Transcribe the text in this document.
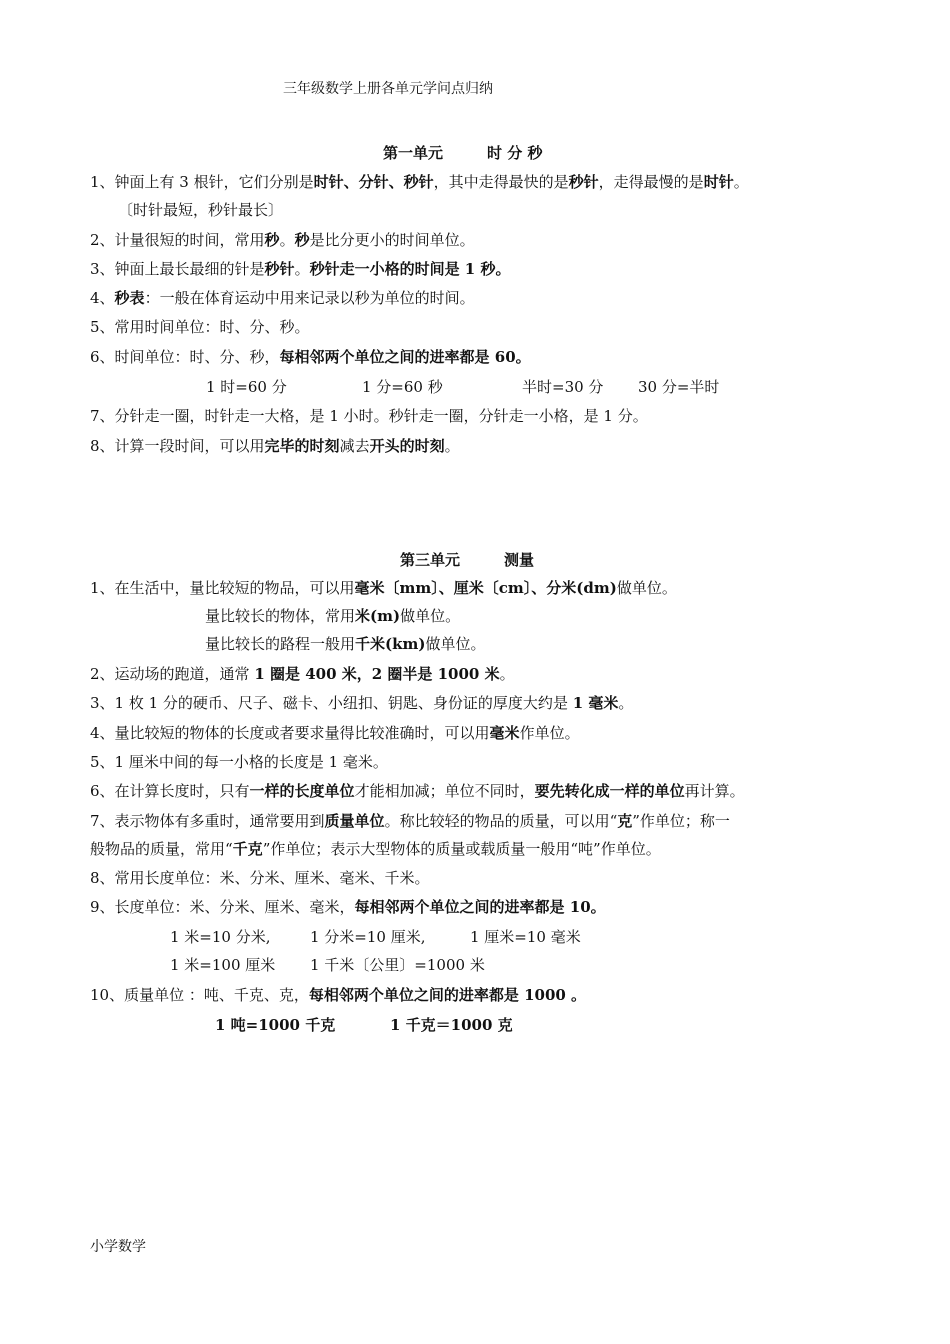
三年级数学上册各单元学问点归纳
第一单元	时 分 秒
1、钟面上有 3 根针，它们分别是时针、分针、秒针，其中走得最快的是秒针，走得最慢的是时针。
〔时针最短，秒针最长〕
2、计量很短的时间，常用秒。秒是比分更小的时间单位。
3、钟面上最长最细的针是秒针。秒针走一小格的时间是 1 秒。
4、秒表：一般在体育运动中用来记录以秒为单位的时间。
5、常用时间单位：时、分、秒。
6、时间单位：时、分、秒，每相邻两个单位之间的进率都是 60。
1 时=60 分	1 分=60 秒	半时=30 分 30 分=半时
7、分针走一圈，时针走一大格，是 1 小时。秒针走一圈，分针走一小格，是 1 分。
8、计算一段时间，可以用完毕的时刻减去开头的时刻。
第三单元	测量
1、在生活中，量比较短的物品，可以用毫米〔mm〕、厘米〔cm〕、分米(dm)做单位。
量比较长的物体，常用米(m)做单位。
量比较长的路程一般用千米(km)做单位。
2、运动场的跑道，通常 1 圈是 400 米，2 圈半是 1000 米。
3、1 枚 1 分的硬币、尺子、磁卡、小纽扣、钥匙、身份证的厚度大约是 1 毫米。
4、量比较短的物体的长度或者要求量得比较准确时，可以用毫米作单位。
5、1 厘米中间的每一小格的长度是 1 毫米。
6、在计算长度时，只有一样的长度单位才能相加减；单位不同时，要先转化成一样的单位再计算。
7、表示物体有多重时，通常要用到质量单位。称比较轻的物品的质量，可以用“克”作单位；称一
般物品的质量，常用“千克”作单位；表示大型物体的质量或载质量一般用“吨”作单位。
8、常用长度单位：米、分米、厘米、毫米、千米。
9、长度单位：米、分米、厘米、毫米，每相邻两个单位之间的进率都是 10。
1 米=10 分米,	1 分米=10 厘米,	1 厘米=10 毫米
1 米=100 厘米 1 千米〔公里〕=1000 米
10、质量单位 ：吨、千克、克，每相邻两个单位之间的进率都是 1000 。
1 吨=1000 千克	1 千克＝1000 克
小学数学
